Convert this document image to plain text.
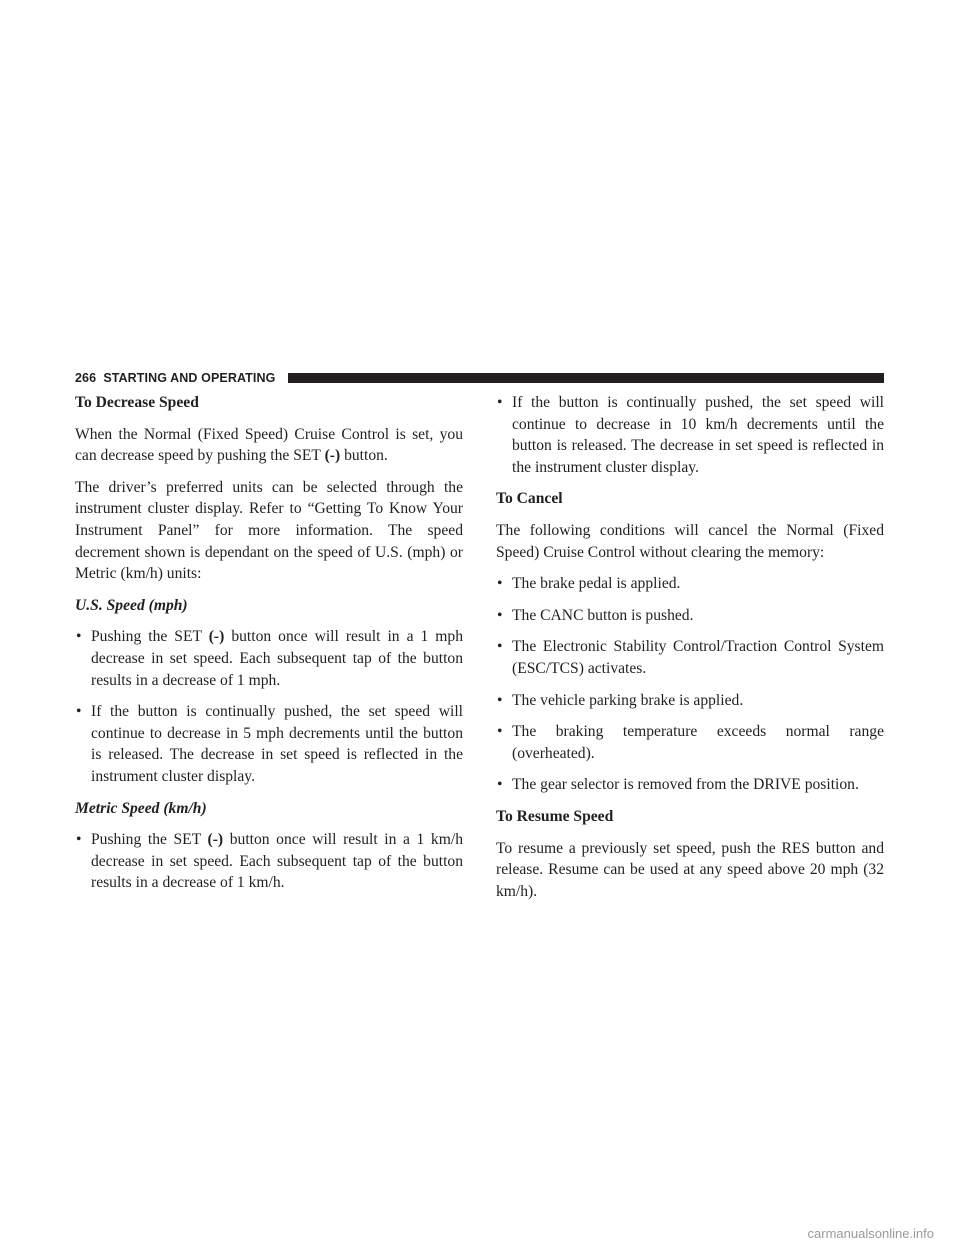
266 STARTING AND OPERATING
To Decrease Speed

When the Normal (Fixed Speed) Cruise Control is set, you can decrease speed by pushing the SET (-) button.

The driver’s preferred units can be selected through the instrument cluster display. Refer to “Getting To Know Your Instrument Panel” for more information. The speed decrement shown is dependant on the speed of U.S. (mph) or Metric (km/h) units:

U.S. Speed (mph)
• Pushing the SET (-) button once will result in a 1 mph decrease in set speed. Each subsequent tap of the button results in a decrease of 1 mph.
• If the button is continually pushed, the set speed will continue to decrease in 5 mph decrements until the button is released. The decrease in set speed is reflected in the instrument cluster display.
Metric Speed (km/h)
• Pushing the SET (-) button once will result in a 1 km/h decrease in set speed. Each subsequent tap of the button results in a decrease of 1 km/h.
• If the button is continually pushed, the set speed will continue to decrease in 10 km/h decrements until the button is released. The decrease in set speed is reflected in the instrument cluster display.
To Cancel

The following conditions will cancel the Normal (Fixed Speed) Cruise Control without clearing the memory:

• The brake pedal is applied.
• The CANC button is pushed.
• The Electronic Stability Control/Traction Control System (ESC/TCS) activates.
• The vehicle parking brake is applied.
• The braking temperature exceeds normal range (overheated).
• The gear selector is removed from the DRIVE position.
To Resume Speed

To resume a previously set speed, push the RES button and release. Resume can be used at any speed above 20 mph (32 km/h).

carmanualsonline.info
